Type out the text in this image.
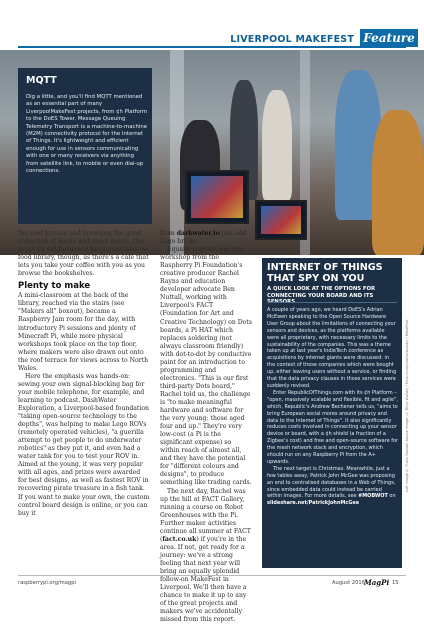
LIVERPOOL MAKEFEST Feature
MQTT
Dig a little, and you'll find MQTT mentioned as an essential part of many LiverpoolMakeFest projects, from ¢h Platform to the DoES Tower. Message Queuing Telemetry Transport is a machine-to-machine (M2M) connectivity protocol for the Internet of Things. It's lightweight and efficient enough for use in sensors communicating with one or many receivers via anything from satellite link, to mobile or even dial-up connections.
Left image © Frank Gaskell Above image: © Rhys Wolsey / flickr.com/photos/wolsey / MakeFest

the roof terrace and browsing the great collection of books and sheet music, this is not an old-fashioned keep-quiet-and-no-food library, though, as there's a cafe that lets you take your coffee with you as you browse the bookshelves.

Plenty to make

A mini-classroom at the back of the library, reached via the stairs (see "Makers all" boxout), became a Raspberry Jam room for the day, with introductory Pi sessions and plenty of Minecraft Pi, while more physical workshops took place on the top floor, where makers were also drawn out onto the roof terrace for views across to North Wales.

Here the emphasis was hands-on: sewing your own signal-blocking bag for your mobile telephone, for example, and learning to podcast. DashWater Exploration, a Liverpool-based foundation "taking open-source technology to the depths", was helping to make Lego ROVs (remotely operated vehicles), "a guerilla attempt to get people to do underwater robotics" as they put it, and even had a water tank for you to test your ROV in. Aimed at the young, it was very popular with all ages, and prizes were awarded for best designs, as well as fastest ROV in recovering pirate treasure in a fish tank. If you want to make your own, the custom control board design is online, or you can buy it

from darkwater.io just add Lego bricks.

Equally popular was the workshop from the Raspberry Pi Foundation's creative producer Rachel Rayns and education developer advocate Ben Nuttall, working with Liverpool's FACT (Foundation for Art and Creative Technology) on Dots boards, a Pi HAT which replaces soldering (not always classroom friendly) with dot-to-dot by conductive paint for an introduction to programming and electronics. "This is our first third-party Dots board," Rachel told us, the challenge is "to make meaningful hardware and software for the very young: those aged four and up." They're very low-cost (a Pi is the significant expense) so within reach of almost all, and they have the potential for "different colours and designs", to produce something like trading cards.

The next day, Rachel was up the hill at FACT Gallery, running a course on Robot Greenhouses with the Pi. Further maker activities continue all summer at FACT (fact.co.uk) if you're in the area. If not, get ready for a journey: we've a strong feeling that next year will bring an equally splendid follow-on MakeFest in Liverpool. We'll then have a chance to make it up to any of the great projects and makers we've accidentally missed from this report.

INTERNET OF THINGS THAT SPY ON YOU
A QUICK LOOK AT THE OPTIONS FOR CONNECTING YOUR BOARD AND ITS

A couple of years ago, we heard DoES's Adrian McEwen speaking to the Open Source Hardware User Group about the limitations of connecting your sensors and devices, as the platforms available were all proprietary, with necessary limits to the sustainability of the companies. This was a theme taken up at last year's IndieTech conference as acquisitions by internet giants were discussed: in the context of those companies which were bought up, either leaving users without a service, or finding that the data privacy clauses in those services were suddenly revised.

Enter RepublicOfThings.com with its ¢h Platform – "open, massively scalable and flexible, fit and agile", which, Republic's Andrew Bechener tells us, "aims to bring European social mores around privacy and data to the Internet of Things". It also significantly reduces costs involved in connecting up your sensor device or board, with a ¢h shield (a fraction of a Zigbee's cost) and free and open-source software for the mesh network stack and encryption, which should run on any Raspberry Pi from the A+ upwards.

The next target is Christmas. Meanwhile, just a few tables away, Patrick John McGee was proposing an end to centralised databases in a Web of Things, since embedded data could instead be carried within images. For more details, see #MOBWOT on slideshare.net/PatrickJohnMcGee

raspberrypi.org/magpi	August 2016
MagPi 15
